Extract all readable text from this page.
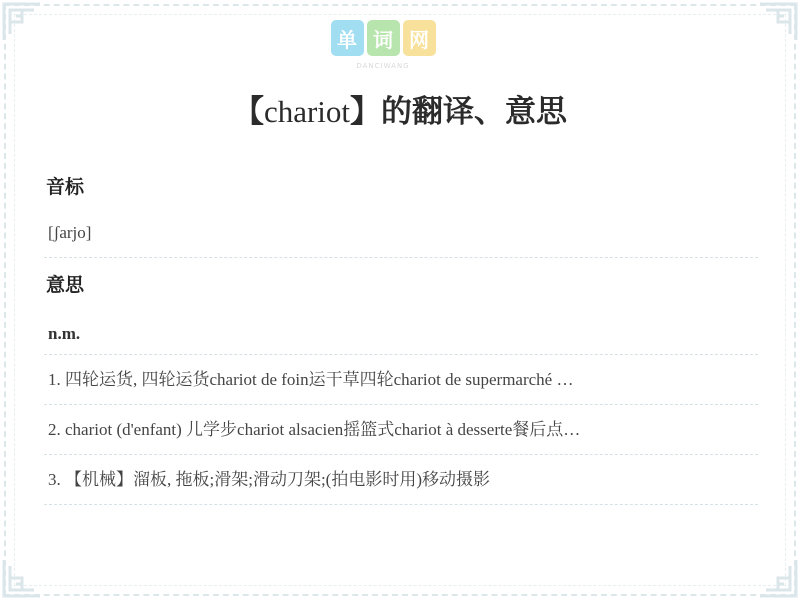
单 词 网
DANCIWANG
【chariot】的翻译、意思
音标
[ʃarjo]
意思
n.m.
1. 四轮运货, 四轮运货chariot de foin运干草四轮chariot de supermarché …
2. chariot (d'enfant) 儿学步chariot alsacien摇篮式chariot à desserte餐后点…
3. 【机械】溜板, 拖板;滑架;滑动刀架;(拍电影时用)移动摄影
